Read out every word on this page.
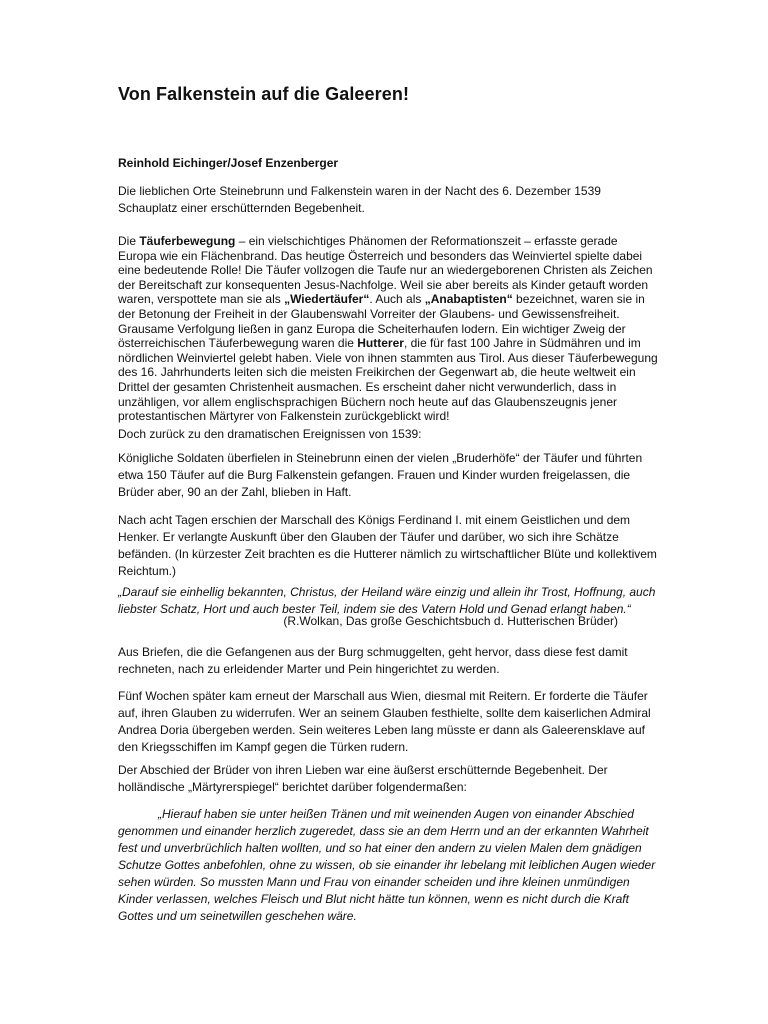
Von Falkenstein auf die Galeeren!
Reinhold Eichinger/Josef Enzenberger
Die lieblichen Orte Steinebrunn und Falkenstein waren in der Nacht des 6. Dezember 1539 Schauplatz einer erschütternden Begebenheit.
Die Täuferbewegung – ein vielschichtiges Phänomen der Reformationszeit – erfasste gerade Europa wie ein Flächenbrand. Das heutige Österreich und besonders das Weinviertel spielte dabei eine bedeutende Rolle! Die Täufer vollzogen die Taufe nur an wiedergeborenen Christen als Zeichen der Bereitschaft zur konsequenten Jesus-Nachfolge. Weil sie aber bereits als Kinder getauft worden waren, verspottete man sie als „Wiedertäufer“. Auch als „Anabaptisten“ bezeichnet, waren sie in der Betonung der Freiheit in der Glaubenswahl Vorreiter der Glaubens- und Gewissensfreiheit. Grausame Verfolgung ließen in ganz Europa die Scheiterhaufen lodern. Ein wichtiger Zweig der österreichischen Täuferbewegung waren die Hutterer, die für fast 100 Jahre in Südmähren und im nördlichen Weinviertel gelebt haben. Viele von ihnen stammten aus Tirol. Aus dieser Täuferbewegung des 16. Jahrhunderts leiten sich die meisten Freikirchen der Gegenwart ab, die heute weltweit ein Drittel der gesamten Christenheit ausmachen. Es erscheint daher nicht verwunderlich, dass in unzähligen, vor allem englischsprachigen Büchern noch heute auf das Glaubenszeugnis jener protestantischen Märtyrer von Falkenstein zurückgeblickt wird!
Doch zurück zu den dramatischen Ereignissen von 1539:
Königliche Soldaten überfielen in Steinebrunn einen der vielen „Bruderhöfe“ der Täufer und führten etwa 150 Täufer auf die Burg Falkenstein gefangen. Frauen und Kinder wurden freigelassen, die Brüder aber, 90 an der Zahl, blieben in Haft.
Nach acht Tagen erschien der Marschall des Königs Ferdinand I. mit einem Geistlichen und dem Henker. Er verlangte Auskunft über den Glauben der Täufer und darüber, wo sich ihre Schätze befänden. (In kürzester Zeit brachten es die Hutterer nämlich zu wirtschaftlicher Blüte und kollektivem Reichtum.)
„Darauf sie einhellig bekannten, Christus, der Heiland wäre einzig und allein ihr Trost, Hoffnung, auch liebster Schatz, Hort und auch bester Teil, indem sie des Vatern Hold und Genad erlangt haben.“
(R.Wolkan, Das große Geschichtsbuch d. Hutterischen Brüder)
Aus Briefen, die die Gefangenen aus der Burg schmuggelten, geht hervor, dass diese fest damit rechneten, nach zu erleidender Marter und Pein hingerichtet zu werden.
Fünf Wochen später kam erneut der Marschall aus Wien, diesmal mit Reitern. Er forderte die Täufer auf, ihren Glauben zu widerrufen. Wer an seinem Glauben festhielte, sollte dem kaiserlichen Admiral Andrea Doria übergeben werden. Sein weiteres Leben lang müsste er dann als Galeerensklave auf den Kriegsschiffen im Kampf gegen die Türken rudern.
Der Abschied der Brüder von ihren Lieben war eine äußerst erschütternde Begebenheit. Der holländische „Märtyrerspiegel“ berichtet darüber folgendermaßen:
„Hierauf haben sie unter heißen Tränen und mit weinenden Augen von einander Abschied genommen und einander herzlich zugeredet, dass sie an dem Herrn und an der erkannten Wahrheit fest und unverbrüchlich halten wollten, und so hat einer den andern zu vielen Malen dem gnädigen Schutze Gottes anbefohlen, ohne zu wissen, ob sie einander ihr lebelang mit leiblichen Augen wieder sehen würden. So mussten Mann und Frau von einander scheiden und ihre kleinen unmündigen Kinder verlassen, welches Fleisch und Blut nicht hätte tun können, wenn es nicht durch die Kraft Gottes und um seinetwillen geschehen wäre.
